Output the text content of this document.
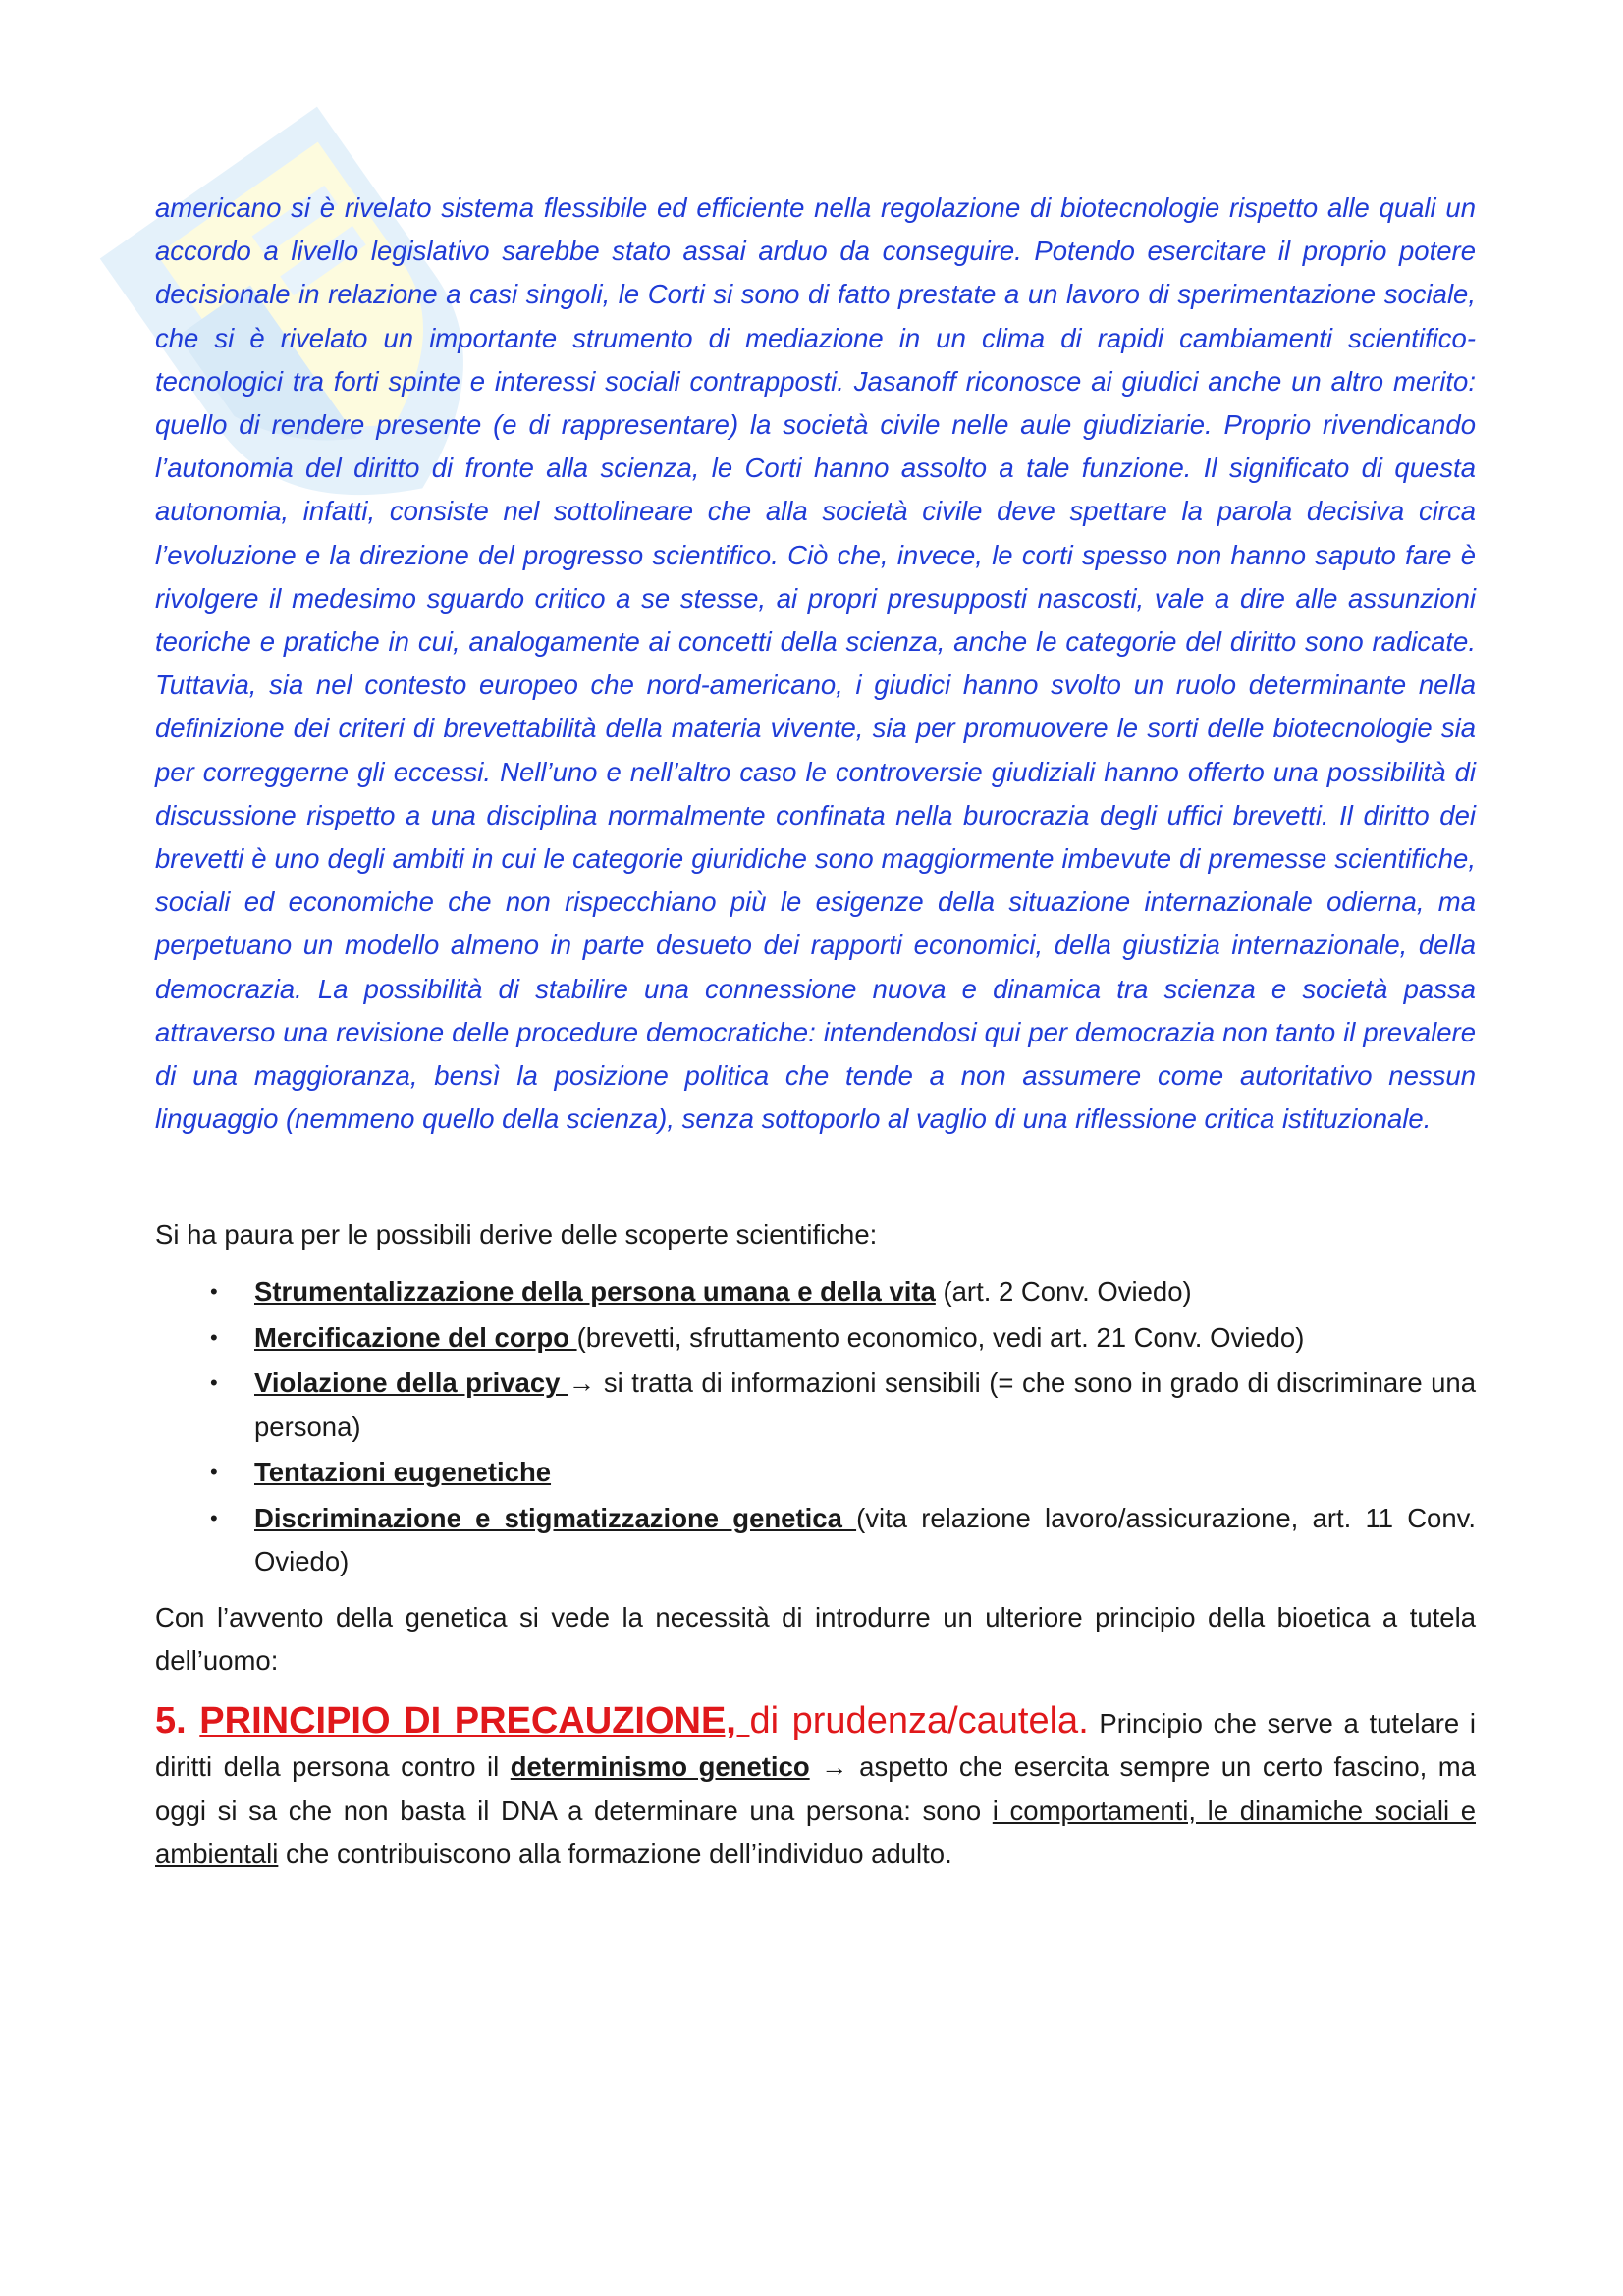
americano si è rivelato sistema flessibile ed efficiente nella regolazione di biotecnologie rispetto alle quali un accordo a livello legislativo sarebbe stato assai arduo da conseguire. Potendo esercitare il proprio potere decisionale in relazione a casi singoli, le Corti si sono di fatto prestate a un lavoro di sperimentazione sociale, che si è rivelato un importante strumento di mediazione in un clima di rapidi cambiamenti scientifico-tecnologici tra forti spinte e interessi sociali contrapposti. Jasanoff riconosce ai giudici anche un altro merito: quello di rendere presente (e di rappresentare) la società civile nelle aule giudiziarie. Proprio rivendicando l’autonomia del diritto di fronte alla scienza, le Corti hanno assolto a tale funzione. Il significato di questa autonomia, infatti, consiste nel sottolineare che alla società civile deve spettare la parola decisiva circa l’evoluzione e la direzione del progresso scientifico. Ciò che, invece, le corti spesso non hanno saputo fare è rivolgere il medesimo sguardo critico a se stesse, ai propri presupposti nascosti, vale a dire alle assunzioni teoriche e pratiche in cui, analogamente ai concetti della scienza, anche le categorie del diritto sono radicate. Tuttavia, sia nel contesto europeo che nord-americano, i giudici hanno svolto un ruolo determinante nella definizione dei criteri di brevettabilità della materia vivente, sia per promuovere le sorti delle biotecnologie sia per correggerne gli eccessi. Nell’uno e nell’altro caso le controversie giudiziali hanno offerto una possibilità di discussione rispetto a una disciplina normalmente confinata nella burocrazia degli uffici brevetti. Il diritto dei brevetti è uno degli ambiti in cui le categorie giuridiche sono maggiormente imbevute di premesse scientifiche, sociali ed economiche che non rispecchiano più le esigenze della situazione internazionale odierna, ma perpetuano un modello almeno in parte desueto dei rapporti economici, della giustizia internazionale, della democrazia. La possibilità di stabilire una connessione nuova e dinamica tra scienza e società passa attraverso una revisione delle procedure democratiche: intendendosi qui per democrazia non tanto il prevalere di una maggioranza, bensì la posizione politica che tende a non assumere come autoritativo nessun linguaggio (nemmeno quello della scienza), senza sottoporlo al vaglio di una riflessione critica istituzionale.

Si ha paura per le possibili derive delle scoperte scientifiche:
• Strumentalizzazione della persona umana e della vita (art. 2 Conv. Oviedo)
• Mercificazione del corpo (brevetti, sfruttamento economico, vedi art. 21 Conv. Oviedo)
• Violazione della privacy → si tratta di informazioni sensibili (= che sono in grado di discriminare una persona)
• Tentazioni eugenetiche
• Discriminazione e stigmatizzazione genetica (vita relazione lavoro/assicurazione, art. 11 Conv. Oviedo)

Con l’avvento della genetica si vede la necessità di introdurre un ulteriore principio della bioetica a tutela dell’uomo:

5. PRINCIPIO DI PRECAUZIONE, di prudenza/cautela. Principio che serve a tutelare i diritti della persona contro il determinismo genetico → aspetto che esercita sempre un certo fascino, ma oggi si sa che non basta il DNA a determinare una persona: sono i comportamenti, le dinamiche sociali e ambientali che contribuiscono alla formazione dell’individuo adulto.
